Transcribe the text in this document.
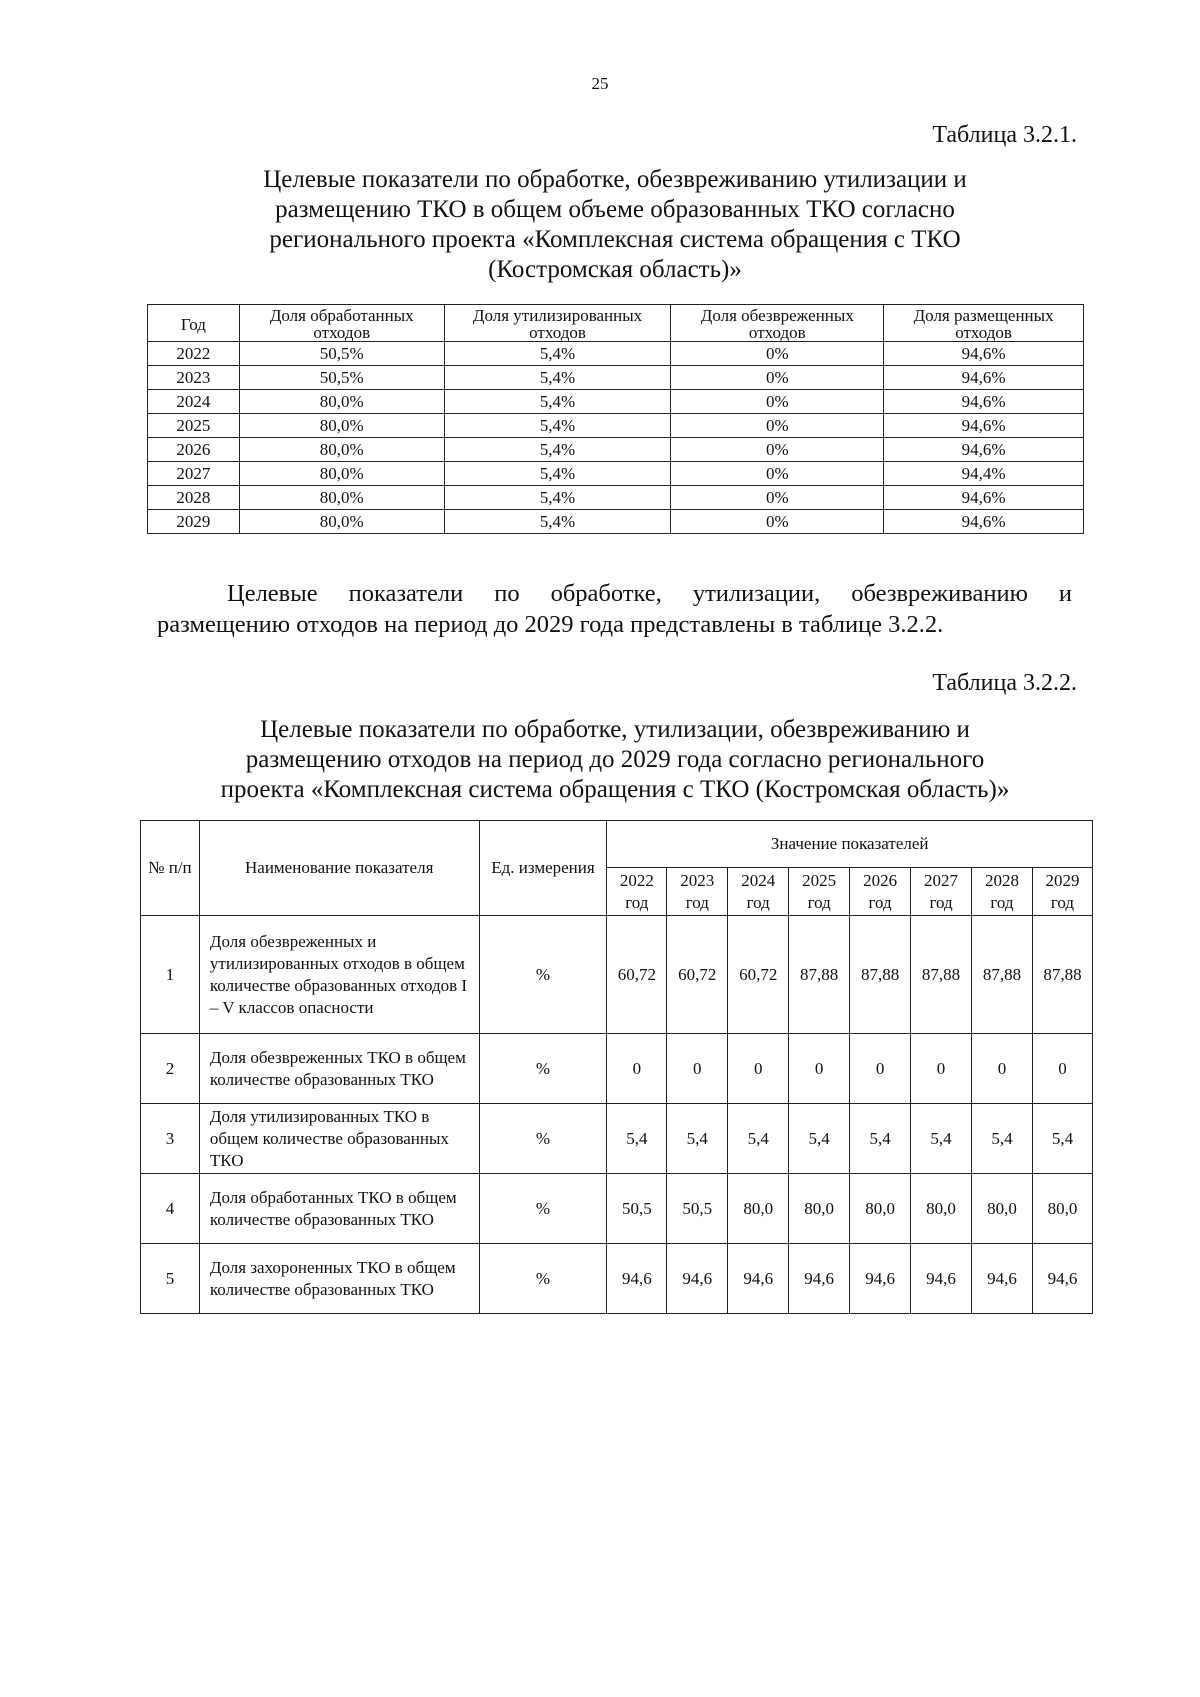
25
Таблица 3.2.1.
Целевые показатели по обработке, обезвреживанию утилизации и
размещению ТКО в общем объеме образованных ТКО согласно
регионального проекта «Комплексная система обращения с ТКО
(Костромская область)»
Год	Доля обработанных отходов	Доля утилизированных отходов	Доля обезвреженных отходов	Доля размещенных отходов
2022	50,5%	5,4%	0%	94,6%
2023	50,5%	5,4%	0%	94,6%
2024	80,0%	5,4%	0%	94,6%
2025	80,0%	5,4%	0%	94,6%
2026	80,0%	5,4%	0%	94,6%
2027	80,0%	5,4%	0%	94,4%
2028	80,0%	5,4%	0%	94,6%
2029	80,0%	5,4%	0%	94,6%
Целевые показатели по обработке, утилизации, обезвреживанию и
размещению отходов на период до 2029 года представлены в таблице 3.2.2.
Таблица 3.2.2.
Целевые показатели по обработке, утилизации, обезвреживанию и
размещению отходов на период до 2029 года согласно регионального
проекта «Комплексная система обращения с ТКО (Костромская область)»
№ п/п	Наименование показателя	Ед. измерения	Значение показателей							
			2022 год	2023 год	2024 год	2025 год	2026 год	2027 год	2028 год	2029 год
1	Доля обезвреженных и утилизированных отходов в общем количестве образованных отходов I – V классов опасности	%	60,72	60,72	60,72	87,88	87,88	87,88	87,88	87,88
2	Доля обезвреженных ТКО в общем количестве образованных ТКО	%	0	0	0	0	0	0	0	0
3	Доля утилизированных ТКО в общем количестве образованных ТКО	%	5,4	5,4	5,4	5,4	5,4	5,4	5,4	5,4
4	Доля обработанных ТКО в общем количестве образованных ТКО	%	50,5	50,5	80,0	80,0	80,0	80,0	80,0	80,0
5	Доля захороненных ТКО в общем количестве образованных ТКО	%	94,6	94,6	94,6	94,6	94,6	94,6	94,6	94,6
